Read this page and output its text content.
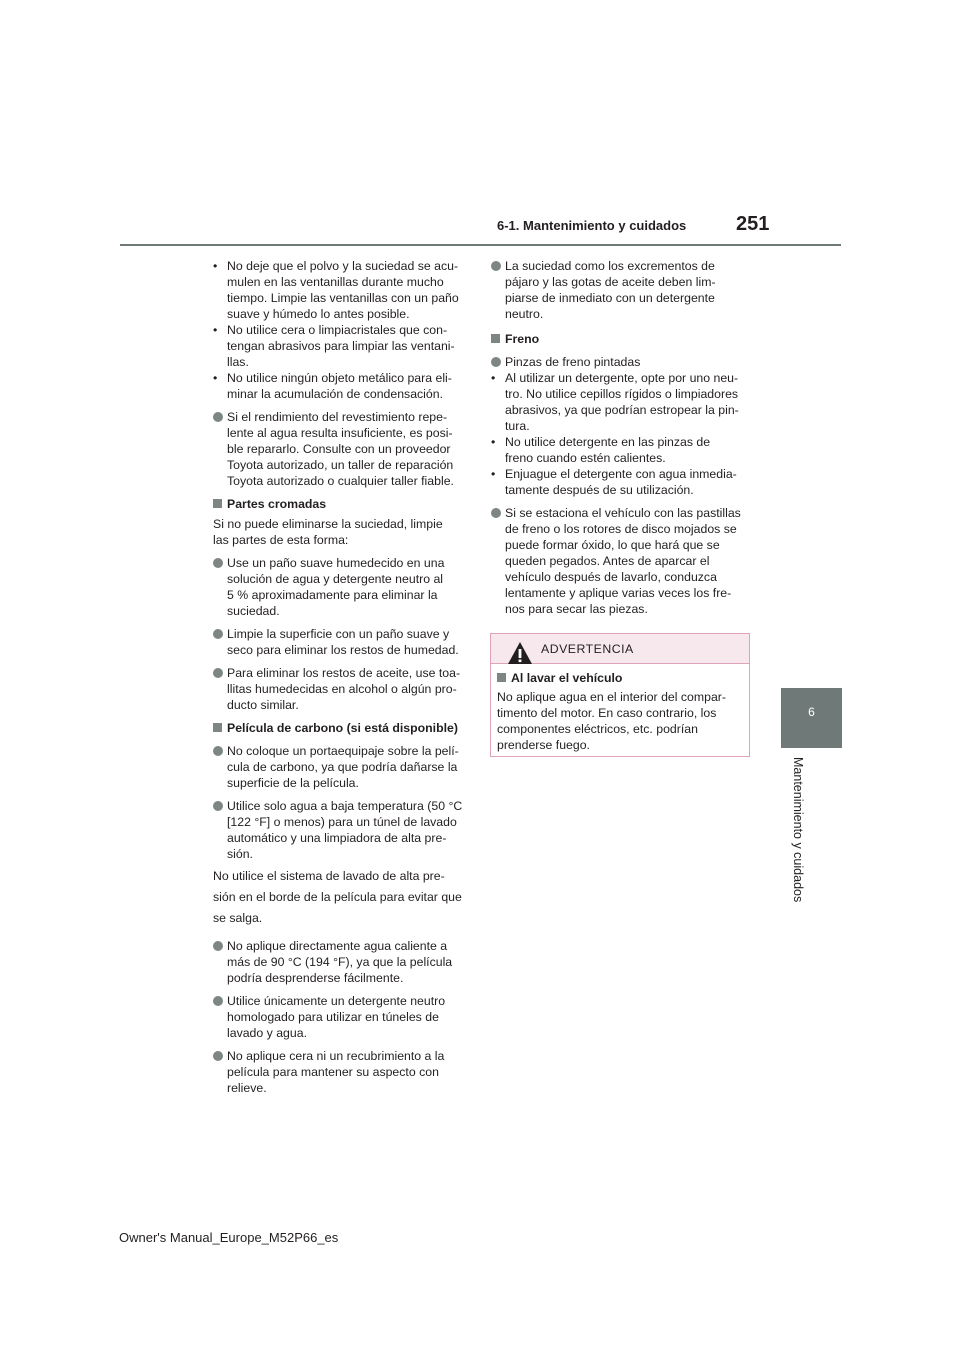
6-1. Mantenimiento y cuidados 251
6
Mantenimiento y cuidados
• No deje que el polvo y la suciedad se acu-
mulen en las ventanillas durante mucho
tiempo. Limpie las ventanillas con un paño
suave y húmedo lo antes posible.
• No utilice cera o limpiacristales que con-
tengan abrasivos para limpiar las ventani-
llas.
• No utilice ningún objeto metálico para eli-
minar la acumulación de condensación.
Si el rendimiento del revestimiento repe-
lente al agua resulta insuficiente, es posi-
ble repararlo. Consulte con un proveedor
Toyota autorizado, un taller de reparación
Toyota autorizado o cualquier taller fiable.
Partes cromadas

Si no puede eliminarse la suciedad, limpie
las partes de esta forma:

Use un paño suave humedecido en una
solución de agua y detergente neutro al
5 % aproximadamente para eliminar la
suciedad.
Limpie la superficie con un paño suave y
seco para eliminar los restos de humedad.
Para eliminar los restos de aceite, use toa-
llitas humedecidas en alcohol o algún pro-
ducto similar.
Película de carbono (si está disponible)
No coloque un portaequipaje sobre la pelí-
cula de carbono, ya que podría dañarse la
superficie de la película.
Utilice solo agua a baja temperatura (50 °C
[122 °F] o menos) para un túnel de lavado
automático y una limpiadora de alta pre-
sión.

No utilice el sistema de lavado de alta pre-

sión en el borde de la película para evitar que

se salga.

No aplique directamente agua caliente a
más de 90 °C (194 °F), ya que la película
podría desprenderse fácilmente.
Utilice únicamente un detergente neutro
homologado para utilizar en túneles de
lavado y agua.
No aplique cera ni un recubrimiento a la
película para mantener su aspecto con
relieve.
La suciedad como los excrementos de
pájaro y las gotas de aceite deben lim-
piarse de inmediato con un detergente
neutro.
Freno
Pinzas de freno pintadas
• Al utilizar un detergente, opte por uno neu-
tro. No utilice cepillos rígidos o limpiadores
abrasivos, ya que podrían estropear la pin-
tura.
• No utilice detergente en las pinzas de
freno cuando estén calientes.
• Enjuague el detergente con agua inmedia-
tamente después de su utilización.
Si se estaciona el vehículo con las pastillas
de freno o los rotores de disco mojados se
puede formar óxido, lo que hará que se
queden pegados. Antes de aparcar el
vehículo después de lavarlo, conduzca
lentamente y aplique varias veces los fre-
nos para secar las piezas.
ADVERTENCIA
Al lavar el vehículo

No aplique agua en el interior del compar-
timento del motor. En caso contrario, los
componentes eléctricos, etc. podrían
prenderse fuego.

Owner's Manual_Europe_M52P66_es
